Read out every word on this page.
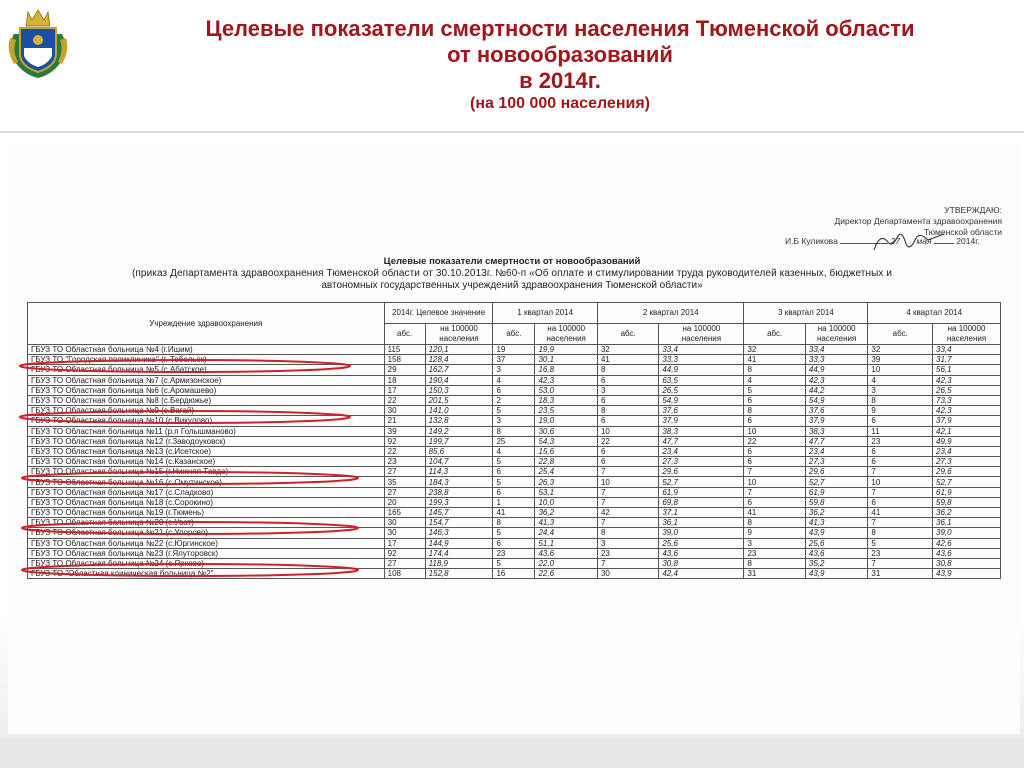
Целевые показатели смертности населения Тюменской области
от новообразований
в 2014г.
(на 100 000 населения)
УТВЕРЖДАЮ:
Директор Департамента здравоохранения
Тюменской области
И.Б Куликова	27 мая	2014г.
Целевые показатели смертности от новообразований
(приказ Департамента здравоохранения Тюменской области от 30.10.2013г. №60-п «Об оплате и стимулировании труда руководителей казенных, бюджетных и
автономных государственных учреждений здравоохранения Тюменской области»
Учреждение здравоохранения	2014г. Целевое значение		1 квартал 2014		2 квартал 2014		3 квартал 2014		4 квартал 2014	
	абс.	на 100000 населения	абс.	на 100000 населения	абс.	на 100000 населения	абс.	на 100000 населения	абс.	на 100000 населения
ГБУЗ ТО Областная больница №4 (г.Ишим)	115	120,1	19	19,9	32	33,4	32	33,4	32	33,4
ГБУЗ ТО "Городская поликлиника" (г. Тобольск)	158	128,4	37	30,1	41	33,3	41	33,3	39	31,7
ГБУЗ ТО Областная больница №5 (с.Абатское)	29	162,7	3	16,8	8	44,9	8	44,9	10	56,1
ГБУЗ ТО Областная больница №7 (с.Армизонское)	18	190,4	4	42,3	6	63,5	4	42,3	4	42,3
ГБУЗ ТО Областная больница №6 (с.Аромашево)	17	150,3	6	53,0	3	26,5	5	44,2	3	26,5
ГБУЗ ТО Областная больница №8 (с.Бердюжье)	22	201,5	2	18,3	6	54,9	6	54,9	8	73,3
ГБУЗ ТО Областная больница №9 (с.Вагай)	30	141,0	5	23,5	8	37,6	8	37,6	9	42,3
ГБУЗ ТО Областная больница №10 (с.Викулово)	21	132,8	3	19,0	6	37,9	6	37,9	6	37,9
ГБУЗ ТО Областная больница №11 (р.п Голышманово)	39	149,2	8	30,6	10	38,3	10	38,3	11	42,1
ГБУЗ ТО Областная больница №12 (г.Заводоуковск)	92	199,7	25	54,3	22	47,7	22	47,7	23	49,9
ГБУЗ ТО Областная больница №13 (с.Исетское)	22	85,6	4	15,6	6	23,4	6	23,4	6	23,4
ГБУЗ ТО Областная больница №14 (с.Казанское)	23	104,7	5	22,8	6	27,3	6	27,3	6	27,3
ГБУЗ ТО Областная больница №15 (г.Нижняя Тавда)	27	114,3	6	25,4	7	29,6	7	29,6	7	29,6
ГБУЗ ТО Областная больница №16 (с.Омутинское)	35	184,3	5	26,3	10	52,7	10	52,7	10	52,7
ГБУЗ ТО Областная больница №17 (с.Сладково)	27	238,8	6	53,1	7	61,9	7	61,9	7	61,9
ГБУЗ ТО Областная больница №18 (с.Сорокино)	20	199,3	1	10,0	7	69,8	6	59,8	6	59,8
ГБУЗ ТО Областная больница №19 (г.Тюмень)	165	145,7	41	36,2	42	37,1	41	36,2	41	36,2
ГБУЗ ТО Областная больница №20 (с.Уват)	30	154,7	8	41,3	7	36,1	8	41,3	7	36,1
ГБУЗ ТО Областная больница №21 (с.Упорово)	30	146,3	5	24,4	8	39,0	9	43,9	8	39,0
ГБУЗ ТО Областная больница №22 (с.Юргинское)	17	144,9	6	51,1	3	25,6	3	25,6	5	42,6
ГБУЗ ТО Областная больница №23 (г.Ялуторовск)	92	174,4	23	43,6	23	43,6	23	43,6	23	43,6
ГБУЗ ТО Областная больница №24 (с.Ярково)	27	118,9	5	22,0	7	30,8	8	35,2	7	30,8
ГБУЗ ТО "Областная клиническая больница №2"	108	152,8	16	22,6	30	42,4	31	43,9	31	43,9
